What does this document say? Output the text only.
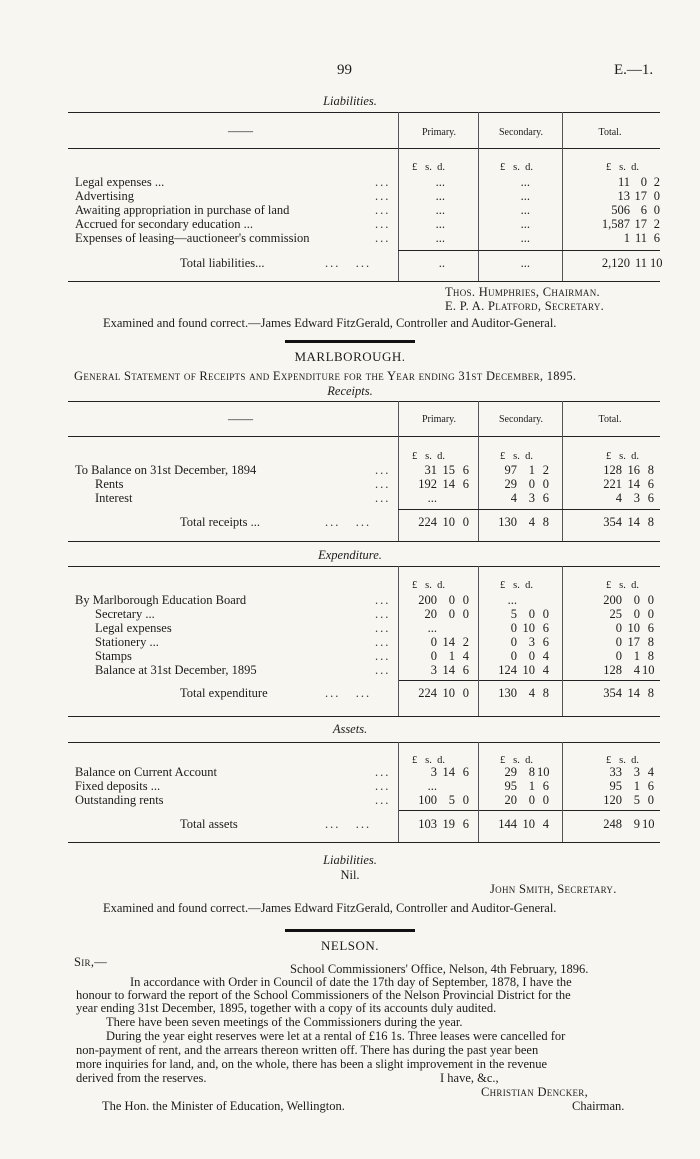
99	E.—1.
Liabilities.
——	Primary.	Secondary.	Total.
£   s.  d.	£   s.  d.	£   s.  d.
Legal expenses ...	...	...	...	11 0 2
Advertising	...	...	...	13 17 0
Awaiting appropriation in purchase of land	...	...	...	506 6 0
Accrued for secondary education ...	...	...	...	1,587 17 2
Expenses of leasing—auctioneer's commission	...	...	...	1 11 6
Total liabilities...	...   ...	..	...	2,120 11 10
Thos. Humphries, Chairman.
E. P. A. Platford, Secretary.
Examined and found correct.—James Edward FitzGerald, Controller and Auditor-General.
MARLBOROUGH.
General Statement of Receipts and Expenditure for the Year ending 31st December, 1895.
Receipts.
——	Primary.	Secondary.	Total.
£   s.  d.	£   s.  d.	£   s.  d.
To Balance on 31st December, 1894	...	31 15 6	97 1 2	128 16 8
Rents	...	192 14 6	29 0 0	221 14 6
Interest	...	...	4 3 6	4 3 6
Total receipts ...	...   ...	224 10 0	130 4 8	354 14 8
£   s.  d.	£   s.  d.	£   s.  d.
By Marlborough Education Board	...	200 0 0	...	200 0 0
Secretary ...	...	20 0 0	5 0 0	25 0 0
Legal expenses	...	...	0 10 6	0 10 6
Stationery ...	...	0 14 2	0 3 6	0 17 8
Stamps	...	0 1 4	0 0 4	0 1 8
Balance at 31st December, 1895	...	3 14 6	124 10 4	128 4 10
Total expenditure	...   ...	224 10 0	130 4 8	354 14 8
£   s.  d.	£   s.  d.	£   s.  d.
Balance on Current Account	...	3 14 6	29 8 10	33 3 4
Fixed deposits ...	...	...	95 1 6	95 1 6
Outstanding rents	...	100 5 0	20 0 0	120 5 0
Total assets	...   ...	103 19 6	144 10 4	248 9 10
Expenditure.
Assets.
Liabilities.
Nil.
John Smith, Secretary.
Examined and found correct.—James Edward FitzGerald, Controller and Auditor-General.
NELSON.
Sir,—	School Commissioners' Office, Nelson, 4th February, 1896.
In accordance with Order in Council of date the 17th day of September, 1878, I have the
honour to forward the report of the School Commissioners of the Nelson Provincial District for the
year ending 31st December, 1895, together with a copy of its accounts duly audited.
There have been seven meetings of the Commissioners during the year.
During the year eight reserves were let at a rental of £16 1s. Three leases were cancelled for
non-payment of rent, and the arrears thereon written off. There has during the past year been
more inquiries for land, and, on the whole, there has been a slight improvement in the revenue
derived from the reserves.	I have, &c.,
Christian Dencker,
The Hon. the Minister of Education, Wellington.	Chairman.
